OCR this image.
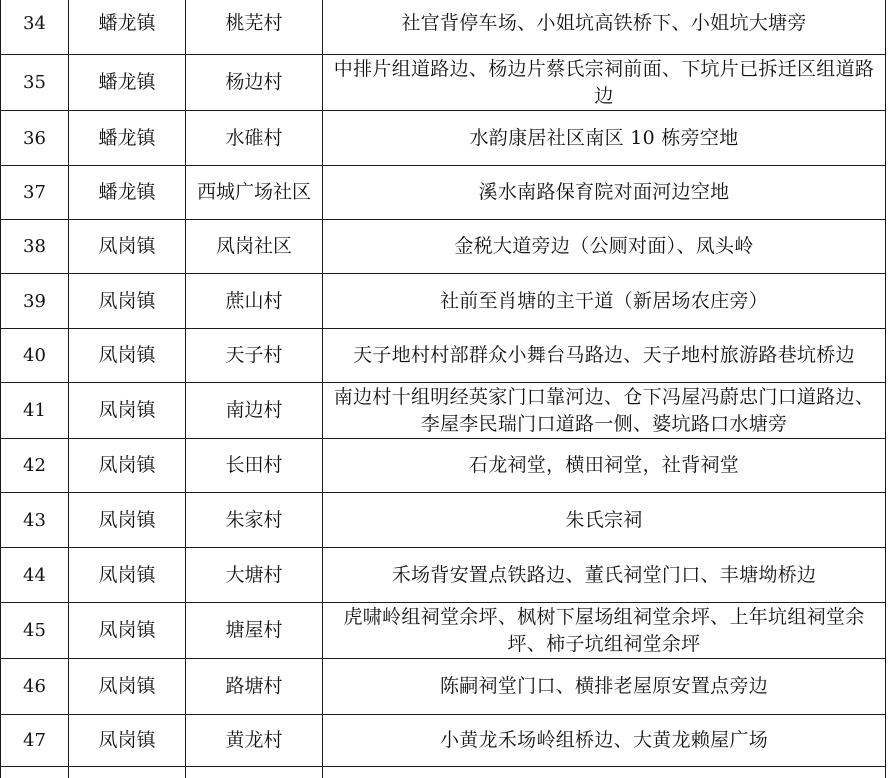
34	蟠龙镇	桃芜村	社官背停车场、小姐坑高铁桥下、小姐坑大塘旁
35	蟠龙镇	杨边村	中排片组道路边、杨边片蔡氏宗祠前面、下坑片已拆迁区组道路边
36	蟠龙镇	水碓村	水韵康居社区南区 10 栋旁空地
37	蟠龙镇	西城广场社区	溪水南路保育院对面河边空地
38	凤岗镇	凤岗社区	金税大道旁边（公厕对面）、凤头岭
39	凤岗镇	蔗山村	社前至肖塘的主干道（新居场农庄旁）
40	凤岗镇	天子村	天子地村村部群众小舞台马路边、天子地村旅游路巷坑桥边
41	凤岗镇	南边村	南边村十组明经英家门口靠河边、仓下冯屋冯蔚忠门口道路边、李屋李民瑞门口道路一侧、婆坑路口水塘旁
42	凤岗镇	长田村	石龙祠堂，横田祠堂，社背祠堂
43	凤岗镇	朱家村	朱氏宗祠
44	凤岗镇	大塘村	禾场背安置点铁路边、董氏祠堂门口、丰塘坳桥边
45	凤岗镇	塘屋村	虎啸岭组祠堂余坪、枫树下屋场组祠堂余坪、上年坑组祠堂余坪、柿子坑组祠堂余坪
46	凤岗镇	路塘村	陈嗣祠堂门口、横排老屋原安置点旁边
47	凤岗镇	黄龙村	小黄龙禾场岭组桥边、大黄龙赖屋广场
